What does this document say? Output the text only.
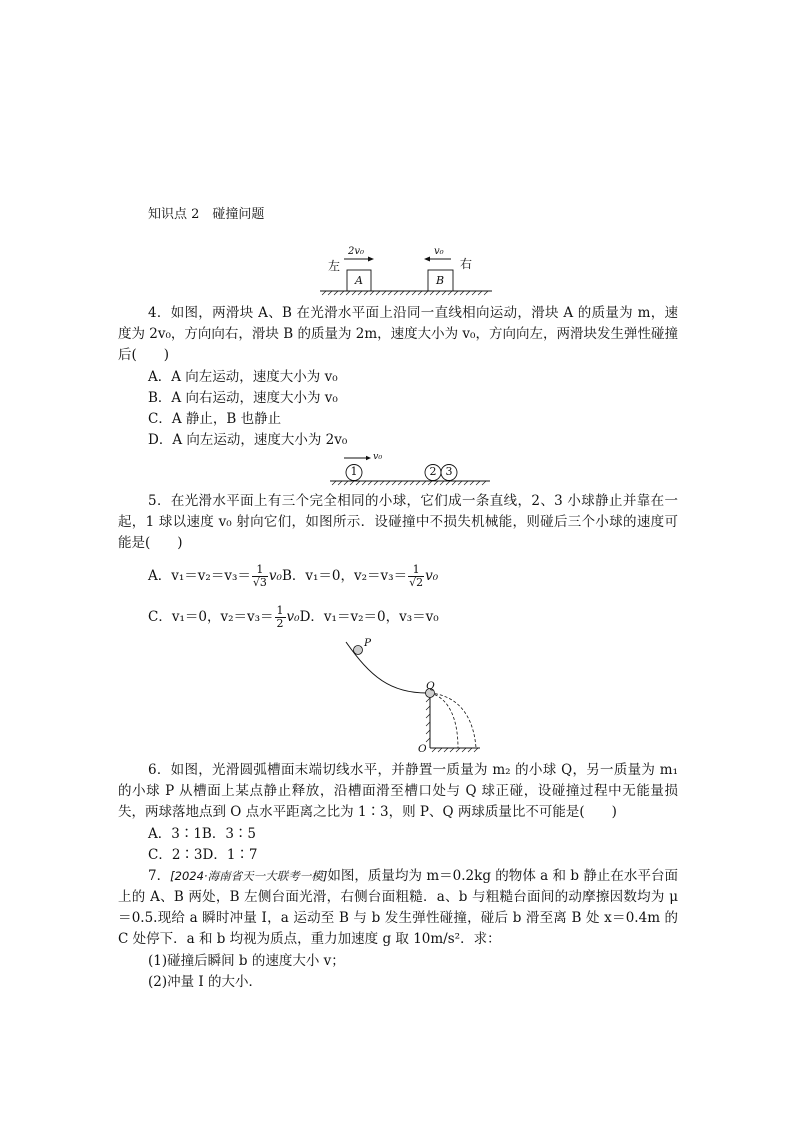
知识点 2　碰撞问题
左	右
2v₀	v₀
A	B
4．如图，两滑块 A、B 在光滑水平面上沿同一直线相向运动，滑块 A 的质量为 m，速度为 2v₀，方向向右，滑块 B 的质量为 2m，速度大小为 v₀，方向向左，两滑块发生弹性碰撞后(　　)
A．A 向左运动，速度大小为 v₀
B．A 向右运动，速度大小为 v₀
C．A 静止，B 也静止
D．A 向左运动，速度大小为 2v₀
v₀
1	2 3
5．在光滑水平面上有三个完全相同的小球，它们成一条直线，2、3 小球静止并靠在一起，1 球以速度 v₀ 射向它们，如图所示．设碰撞中不损失机械能，则碰后三个小球的速度可能是(　　)
A．$v_1=v_2=v_3= \frac{1}{√3} v_0B$．v₁＝0，$v_2=v_3= \frac{1}{√2} v_0$
C．v₁＝0，$v_2=v_3= \frac{1}{2} v_0D$．v₁＝v₂＝0，v₃＝v₀
P
Q
O
6．如图，光滑圆弧槽面末端切线水平，并静置一质量为 m₂ 的小球 Q，另一质量为 m₁ 的小球 P 从槽面上某点静止释放，沿槽面滑至槽口处与 Q 球正碰，设碰撞过程中无能量损失，两球落地点到 O 点水平距离之比为 1∶3，则 P、Q 两球质量比不可能是(　　)
A．3∶1B．3∶5
C．2∶3D．1∶7
7．[2024·海南省天一大联考一模]如图，质量均为 m＝0.2kg 的物体 a 和 b 静止在水平台面上的 A、B 两处，B 左侧台面光滑，右侧台面粗糙．a、b 与粗糙台面间的动摩擦因数均为 μ＝0.5.现给 a 瞬时冲量 I，a 运动至 B 与 b 发生弹性碰撞，碰后 b 滑至离 B 处 x＝0.4m 的 C 处停下．a 和 b 均视为质点，重力加速度 g 取 10m/s²．求：
(1)碰撞后瞬间 b 的速度大小 v；
(2)冲量 I 的大小．
